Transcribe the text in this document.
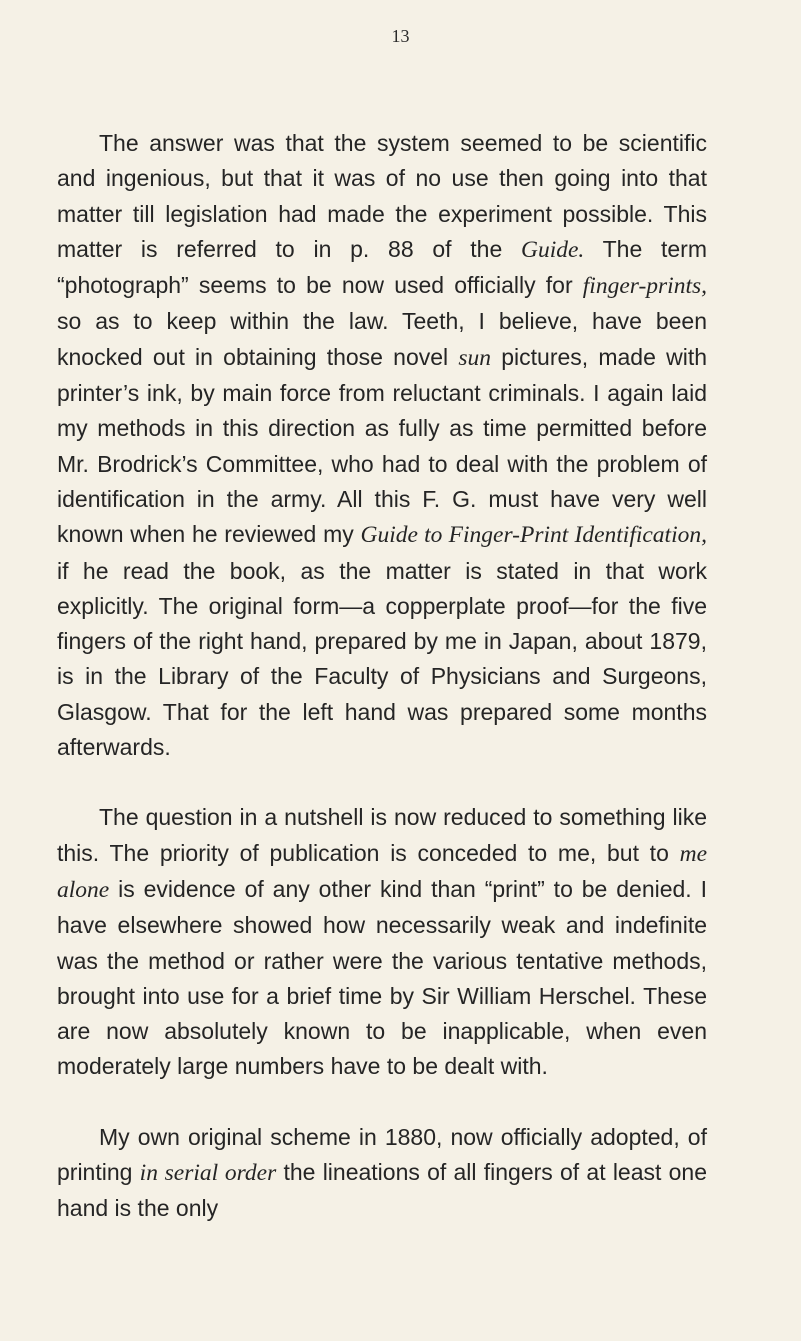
13

The answer was that the system seemed to be scientific and ingenious, but that it was of no use then going into that matter till legislation had made the experiment possible. This matter is referred to in p. 88 of the Guide. The term “photograph” seems to be now used officially for finger-prints, so as to keep within the law. Teeth, I believe, have been knocked out in obtaining those novel sun pictures, made with printer’s ink, by main force from reluctant criminals. I again laid my methods in this direction as fully as time permitted before Mr. Brodrick’s Committee, who had to deal with the problem of identification in the army. All this F. G. must have very well known when he reviewed my Guide to Finger-Print Identification, if he read the book, as the matter is stated in that work explicitly. The original form—a copperplate proof—for the five fingers of the right hand, prepared by me in Japan, about 1879, is in the Library of the Faculty of Physicians and Surgeons, Glasgow. That for the left hand was prepared some months afterwards.

The question in a nutshell is now reduced to something like this. The priority of publication is conceded to me, but to me alone is evidence of any other kind than “print” to be denied. I have elsewhere showed how necessarily weak and indefinite was the method or rather were the various tentative methods, brought into use for a brief time by Sir William Herschel. These are now absolutely known to be inapplicable, when even moderately large numbers have to be dealt with.

My own original scheme in 1880, now officially adopted, of printing in serial order the lineations of all fingers of at least one hand is the only
